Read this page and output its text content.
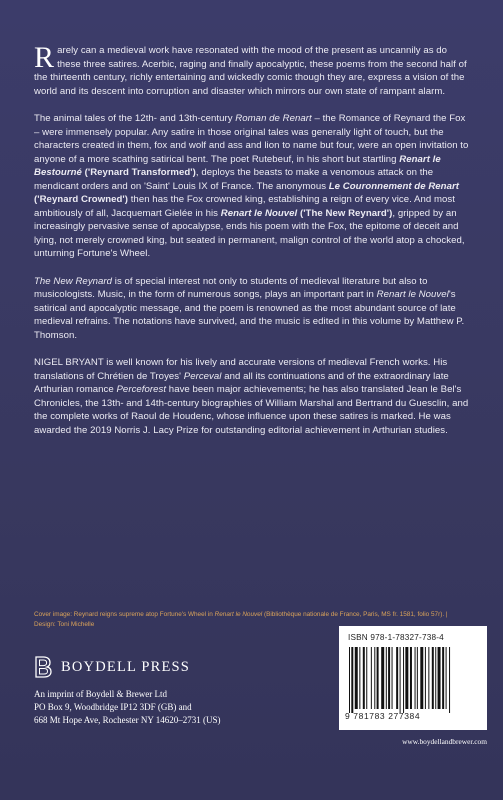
Rarely can a medieval work have resonated with the mood of the present as uncannily as do these three satires. Acerbic, raging and finally apocalyptic, these poems from the second half of the thirteenth century, richly entertaining and wickedly comic though they are, express a vision of the world and its descent into corruption and disaster which mirrors our own state of rampant alarm.

The animal tales of the 12th- and 13th-century Roman de Renart – the Romance of Reynard the Fox – were immensely popular. Any satire in those original tales was generally light of touch, but the characters created in them, fox and wolf and ass and lion to name but four, were an open invitation to anyone of a more scathing satirical bent. The poet Rutebeuf, in his short but startling Renart le Bestourné ('Reynard Transformed'), deploys the beasts to make a venomous attack on the mendicant orders and on 'Saint' Louis IX of France. The anonymous Le Couronnement de Renart ('Reynard Crowned') then has the Fox crowned king, establishing a reign of every vice. And most ambitiously of all, Jacquemart Gielée in his Renart le Nouvel ('The New Reynard'), gripped by an increasingly pervasive sense of apocalypse, ends his poem with the Fox, the epitome of deceit and lying, not merely crowned king, but seated in permanent, malign control of the world atop a chocked, unturning Fortune's Wheel.

The New Reynard is of special interest not only to students of medieval literature but also to musicologists. Music, in the form of numerous songs, plays an important part in Renart le Nouvel's satirical and apocalyptic message, and the poem is renowned as the most abundant source of late medieval refrains. The notations have survived, and the music is edited in this volume by Matthew P. Thomson.

NIGEL BRYANT is well known for his lively and accurate versions of medieval French works. His translations of Chrétien de Troyes' Perceval and all its continuations and of the extraordinary late Arthurian romance Perceforest have been major achievements; he has also translated Jean le Bel's Chronicles, the 13th- and 14th-century biographies of William Marshal and Bertrand du Guesclin, and the complete works of Raoul de Houdenc, whose influence upon these satires is marked. He was awarded the 2019 Norris J. Lacy Prize for outstanding editorial achievement in Arthurian studies.

Cover image: Reynard reigns supreme atop Fortune's Wheel in Renart le Nouvel (Bibliothèque nationale de France, Paris, MS fr. 1581, folio 57r). | Design: Toni Michelle
BOYDELL PRESS
An imprint of Boydell & Brewer Ltd
PO Box 9, Woodbridge IP12 3DF (GB) and
668 Mt Hope Ave, Rochester NY 14620–2731 (US)
ISBN 978-1-78327-738-4
9 781783 277384
www.boydellandbrewer.com
